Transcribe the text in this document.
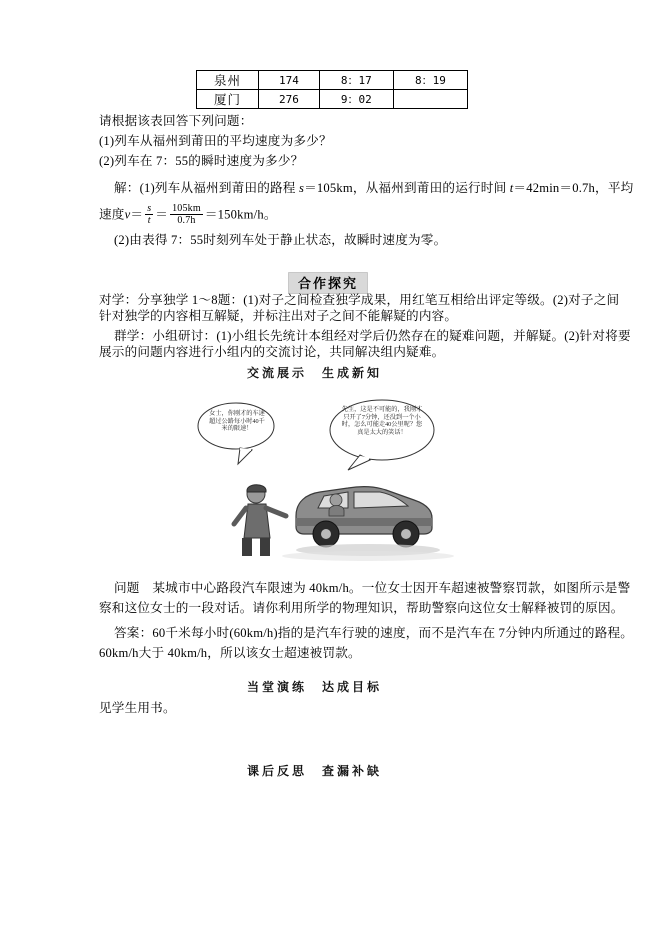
泉州	174	8：17	8：19
厦门	276	9：02	
请根据该表回答下列问题：
(1)列车从福州到莆田的平均速度为多少？
(2)列车在 7：55的瞬时速度为多少？
解：(1)列车从福州到莆田的路程 s＝105km，从福州到莆田的运行时间 t＝42min＝0.7h，平均
速度$v= \frac{s}{t} = \frac{105km}{0.7h} =150km/h$。
(2)由表得 7：55时刻列车处于静止状态，故瞬时速度为零。
合作探究
对学：分享独学 1～8题：(1)对子之间检查独学成果，用红笔互相给出评定等级。(2)对子之间
针对独学的内容相互解疑，并标注出对子之间不能解疑的内容。
群学：小组研讨：(1)小组长先统计本组经对学后仍然存在的疑难问题，并解疑。(2)针对将要
展示的问题内容进行小组内的交流讨论，共同解决组内疑难。
交流展示　生成新知
女士，你刚才的车速超过公路每小时40千米的限速！
先生，这是不可能的，我刚才只开了7分钟，还没到一个小时，怎么可能走40公里呢？您真是太大的笑话！
问题　某城市中心路段汽车限速为 40km/h。一位女士因开车超速被警察罚款，如图所示是警
察和这位女士的一段对话。请你利用所学的物理知识，帮助警察向这位女士解释被罚的原因。
答案：60千米每小时(60km/h)指的是汽车行驶的速度，而不是汽车在 7分钟内所通过的路程。
60km/h大于 40km/h，所以该女士超速被罚款。
当堂演练　达成目标
见学生用书。
课后反思　查漏补缺
